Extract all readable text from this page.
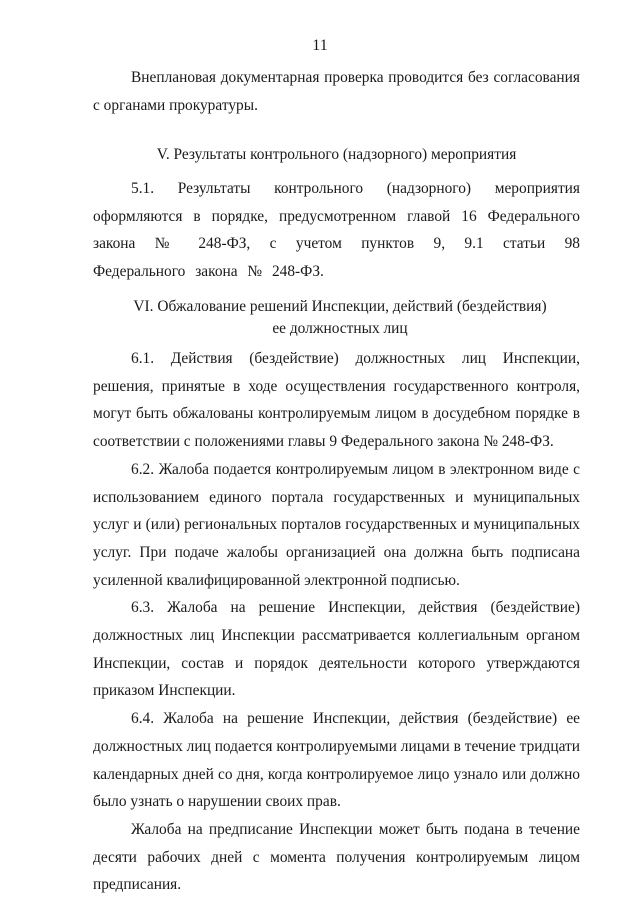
11

Внеплановая документарная проверка проводится без согласования с органами прокуратуры.

V. Результаты контрольного (надзорного) мероприятия

5.1. Результаты контрольного (надзорного) мероприятия оформляются в порядке, предусмотренном главой 16 Федерального закона № 248-ФЗ, с учетом пунктов 9, 9.1 статьи 98 Федерального закона № 248-ФЗ.

VI. Обжалование решений Инспекции, действий (бездействия) ее должностных лиц

6.1. Действия (бездействие) должностных лиц Инспекции, решения, принятые в ходе осуществления государственного контроля, могут быть обжалованы контролируемым лицом в досудебном порядке в соответствии с положениями главы 9 Федерального закона № 248-ФЗ.

6.2. Жалоба подается контролируемым лицом в электронном виде с использованием единого портала государственных и муниципальных услуг и (или) региональных порталов государственных и муниципальных услуг. При подаче жалобы организацией она должна быть подписана усиленной квалифицированной электронной подписью.

6.3. Жалоба на решение Инспекции, действия (бездействие) должностных лиц Инспекции рассматривается коллегиальным органом Инспекции, состав и порядок деятельности которого утверждаются приказом Инспекции.

6.4. Жалоба на решение Инспекции, действия (бездействие) ее должностных лиц подается контролируемыми лицами в течение тридцати календарных дней со дня, когда контролируемое лицо узнало или должно было узнать о нарушении своих прав.

Жалоба на предписание Инспекции может быть подана в течение десяти рабочих дней с момента получения контролируемым лицом предписания.
